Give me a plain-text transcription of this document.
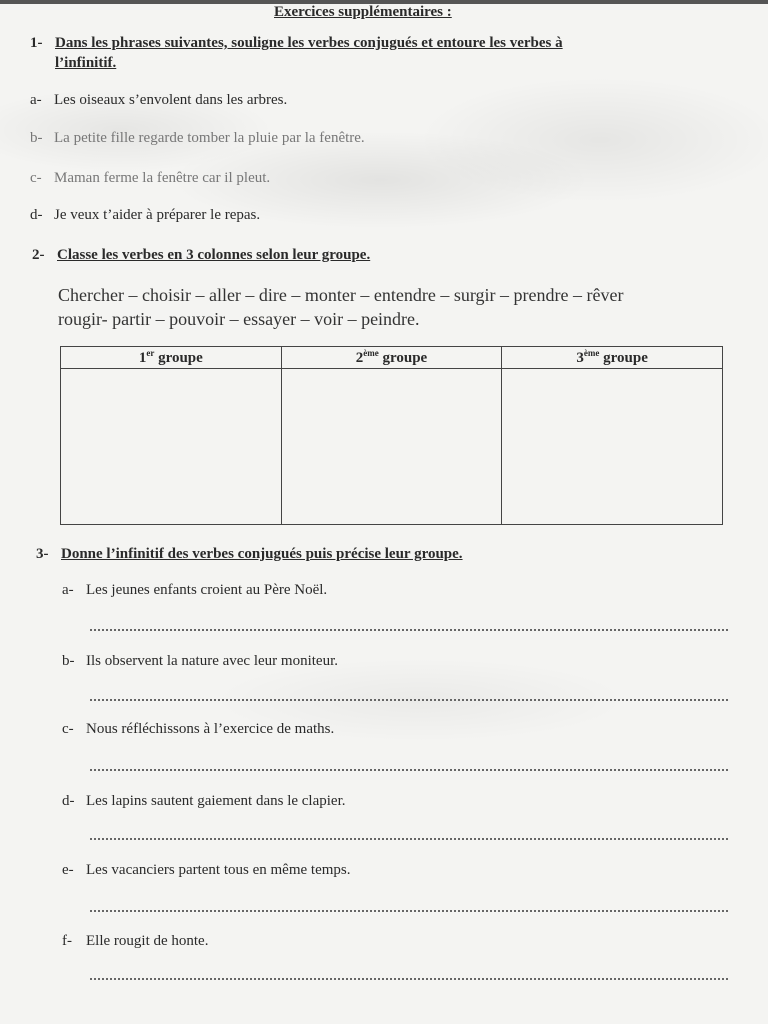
Exercices supplémentaires :
1- Dans les phrases suivantes, souligne les verbes conjugués et entoure les verbes à
l’infinitif.
a- Les oiseaux s’envolent dans les arbres.
b- La petite fille regarde tomber la pluie par la fenêtre.
c- Maman ferme la fenêtre car il pleut.
d- Je veux t’aider à préparer le repas.
2- Classe les verbes en 3 colonnes selon leur groupe.
Chercher – choisir – aller – dire – monter – entendre – surgir – prendre – rêver
rougir- partir – pouvoir – essayer – voir – peindre.
1er groupe	2ème groupe	3ème groupe

3- Donne l’infinitif des verbes conjugués puis précise leur groupe.
a- Les jeunes enfants croient au Père Noël.
b- Ils observent la nature avec leur moniteur.
c- Nous réfléchissons à l’exercice de maths.
d- Les lapins sautent gaiement dans le clapier.
e- Les vacanciers partent tous en même temps.
f- Elle rougit de honte.
